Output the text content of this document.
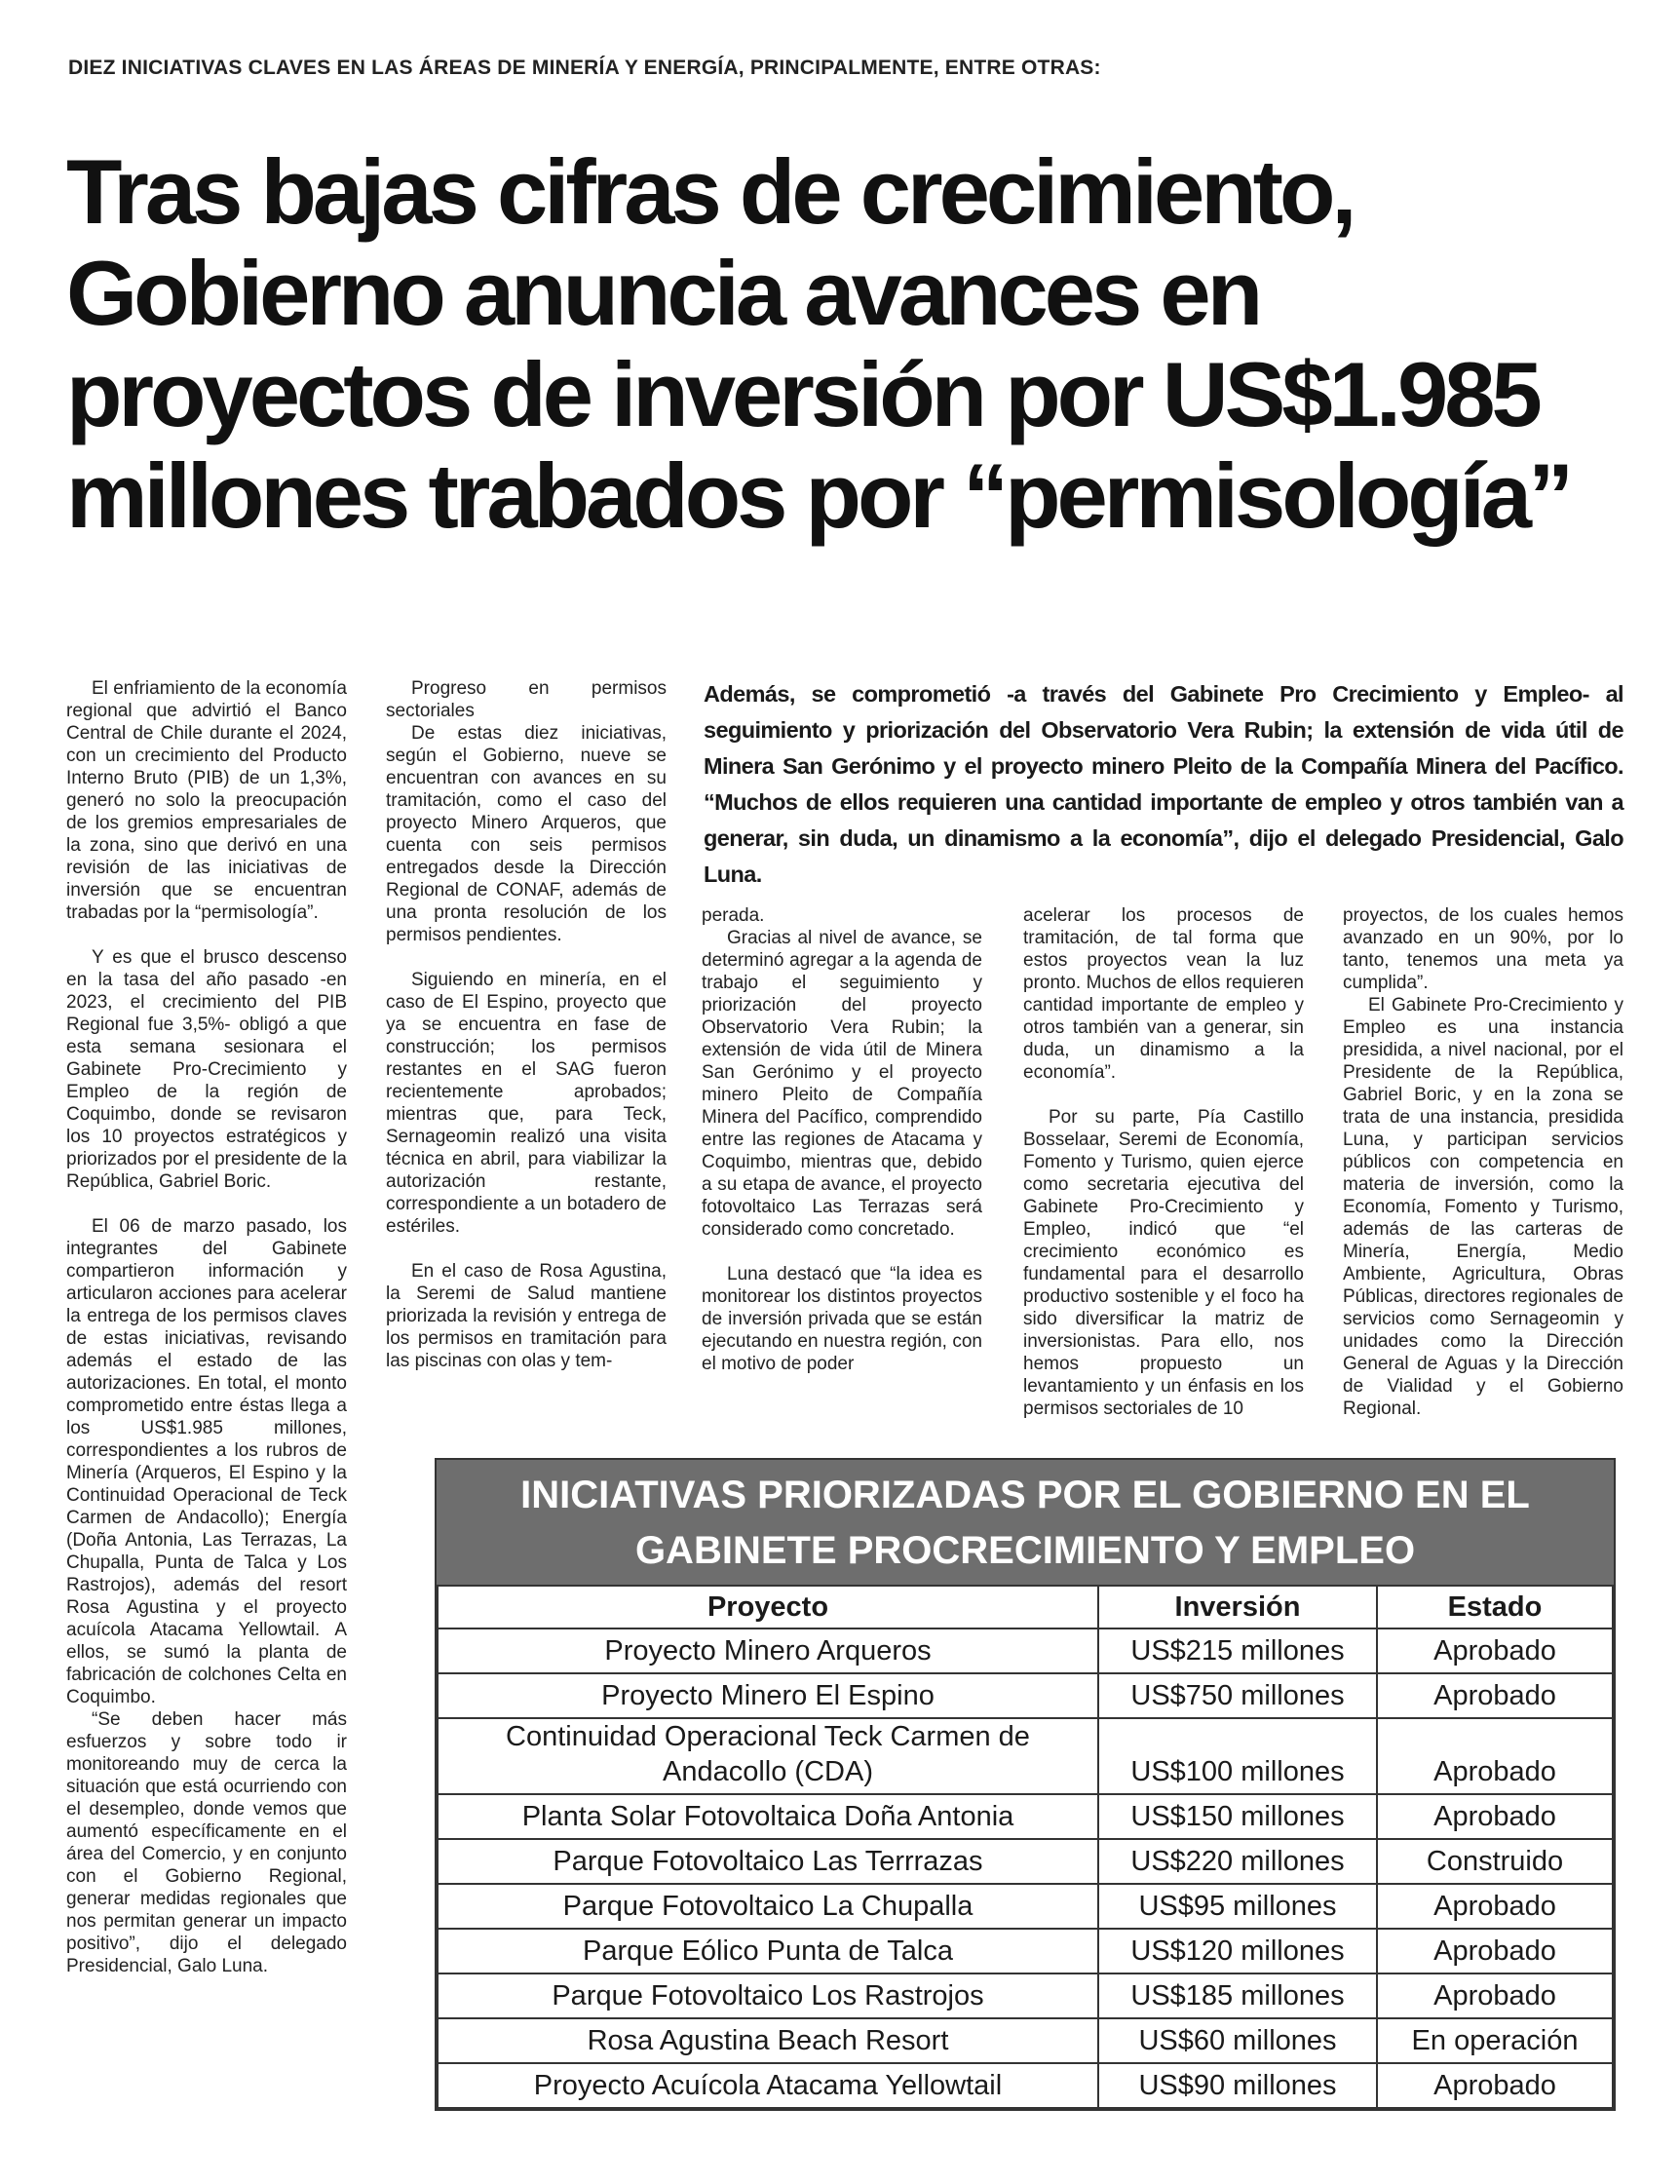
DIEZ INICIATIVAS CLAVES EN LAS ÁREAS DE MINERÍA Y ENERGÍA, PRINCIPALMENTE, ENTRE OTRAS:
Tras bajas cifras de crecimiento,
Gobierno anuncia avances en
proyectos de inversión por US$1.985
millones trabados por “permisología”

El enfriamiento de la economía regional que advirtió el Banco Central de Chile durante el 2024, con un crecimiento del Producto Interno Bruto (PIB) de un 1,3%, generó no solo la preocupación de los gremios empresariales de la zona, sino que derivó en una revisión de las iniciativas de inversión que se encuentran trabadas por la “permisología”.

Y es que el brusco descenso en la tasa del año pasado -en 2023, el crecimiento del PIB Regional fue 3,5%- obligó a que esta semana sesionara el Gabinete Pro-Crecimiento y Empleo de la región de Coquimbo, donde se revisaron los 10 proyectos estratégicos y priorizados por el presidente de la República, Gabriel Boric.

El 06 de marzo pasado, los integrantes del Gabinete compartieron información y articularon acciones para acelerar la entrega de los permisos claves de estas iniciativas, revisando además el estado de las autorizaciones. En total, el monto comprometido entre éstas llega a los US$1.985 millones, correspondientes a los rubros de Minería (Arqueros, El Espino y la Continuidad Operacional de Teck Carmen de Andacollo); Energía (Doña Antonia, Las Terrazas, La Chupalla, Punta de Talca y Los Rastrojos), además del resort Rosa Agustina y el proyecto acuícola Atacama Yellowtail. A ellos, se sumó la planta de fabricación de colchones Celta en Coquimbo.

“Se deben hacer más esfuerzos y sobre todo ir monitoreando muy de cerca la situación que está ocurriendo con el desempleo, donde vemos que aumentó específicamente en el área del Comercio, y en conjunto con el Gobierno Regional, generar medidas regionales que nos permitan generar un impacto positivo”, dijo el delegado Presidencial, Galo Luna.

Progreso en permisos sectoriales

De estas diez iniciativas, según el Gobierno, nueve se encuentran con avances en su tramitación, como el caso del proyecto Minero Arqueros, que cuenta con seis permisos entregados desde la Dirección Regional de CONAF, además de una pronta resolución de los permisos pendientes.

Siguiendo en minería, en el caso de El Espino, proyecto que ya se encuentra en fase de construcción; los permisos restantes en el SAG fueron recientemente aprobados; mientras que, para Teck, Sernageomin realizó una visita técnica en abril, para viabilizar la autorización restante, correspondiente a un botadero de estériles.

En el caso de Rosa Agustina, la Seremi de Salud mantiene priorizada la revisión y entrega de los permisos en tramitación para las piscinas con olas y tem-

Además, se comprometió -a través del Gabinete Pro Crecimiento y Empleo- al seguimiento y priorización del Observatorio Vera Rubin; la extensión de vida útil de Minera San Gerónimo y el proyecto minero Pleito de la Compañía Minera del Pacífico. “Muchos de ellos requieren una cantidad importante de empleo y otros también van a generar, sin duda, un dinamismo a la economía”, dijo el delegado Presidencial, Galo Luna.

perada.

Gracias al nivel de avance, se determinó agregar a la agenda de trabajo el seguimiento y priorización del proyecto Observatorio Vera Rubin; la extensión de vida útil de Minera San Gerónimo y el proyecto minero Pleito de Compañía Minera del Pacífico, comprendido entre las regiones de Atacama y Coquimbo, mientras que, debido a su etapa de avance, el proyecto fotovoltaico Las Terrazas será considerado como concretado.

Luna destacó que “la idea es monitorear los distintos proyectos de inversión privada que se están ejecutando en nuestra región, con el motivo de poder

acelerar los procesos de tramitación, de tal forma que estos proyectos vean la luz pronto. Muchos de ellos requieren cantidad importante de empleo y otros también van a generar, sin duda, un dinamismo a la economía”.

Por su parte, Pía Castillo Bosselaar, Seremi de Economía, Fomento y Turismo, quien ejerce como secretaria ejecutiva del Gabinete Pro-Crecimiento y Empleo, indicó que “el crecimiento económico es fundamental para el desarrollo productivo sostenible y el foco ha sido diversificar la matriz de inversionistas. Para ello, nos hemos propuesto un levantamiento y un énfasis en los permisos sectoriales de 10

proyectos, de los cuales hemos avanzado en un 90%, por lo tanto, tenemos una meta ya cumplida”.

El Gabinete Pro-Crecimiento y Empleo es una instancia presidida, a nivel nacional, por el Presidente de la República, Gabriel Boric, y en la zona se trata de una instancia, presidida Luna, y participan servicios públicos con competencia en materia de inversión, como la Economía, Fomento y Turismo, además de las carteras de Minería, Energía, Medio Ambiente, Agricultura, Obras Públicas, directores regionales de servicios como Sernageomin y unidades como la Dirección General de Aguas y la Dirección de Vialidad y el Gobierno Regional.

INICIATIVAS PRIORIZADAS POR EL GOBIERNO EN EL
GABINETE PROCRECIMIENTO Y EMPLEO
Proyecto	Inversión	Estado
Proyecto Minero Arqueros	US$215 millones	Aprobado
Proyecto Minero El Espino	US$750 millones	Aprobado

Continuidad Operacional Teck Carmen de
Andacollo (CDA)	US$100 millones	Aprobado
Planta Solar Fotovoltaica Doña Antonia	US$150 millones	Aprobado
Parque Fotovoltaico Las Terrrazas	US$220 millones	Construido
Parque Fotovoltaico La Chupalla	US$95 millones	Aprobado
Parque Eólico Punta de Talca	US$120 millones	Aprobado
Parque Fotovoltaico Los Rastrojos	US$185 millones	Aprobado
Rosa Agustina Beach Resort	US$60 millones	En operación
Proyecto Acuícola Atacama Yellowtail	US$90 millones	Aprobado
